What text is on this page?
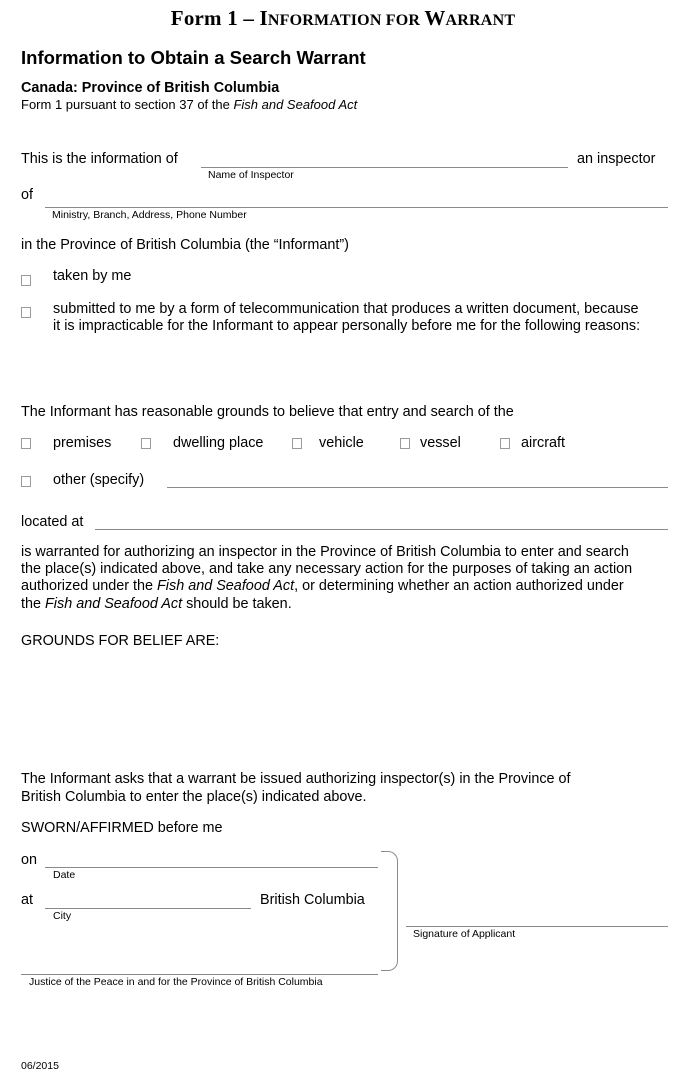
Form 1 – INFORMATION FOR WARRANT
Information to Obtain a Search Warrant
Canada: Province of British Columbia
Form 1 pursuant to section 37 of the Fish and Seafood Act
This is the information of
Name of Inspector
an inspector
of
Ministry, Branch, Address, Phone Number
in the Province of British Columbia (the “Informant”)
taken by me
submitted to me by a form of telecommunication that produces a written document, because
it is impracticable for the Informant to appear personally before me for the following reasons:
The Informant has reasonable grounds to believe that entry and search of the
premises	dwelling place	vehicle	vessel	aircraft
other (specify)
located at
is warranted for authorizing an inspector in the Province of British Columbia to enter and search
the place(s) indicated above, and take any necessary action for the purposes of taking an action
authorized under the Fish and Seafood Act, or determining whether an action authorized under
the Fish and Seafood Act should be taken.
GROUNDS FOR BELIEF ARE:
The Informant asks that a warrant be issued authorizing inspector(s) in the Province of
British Columbia to enter the place(s) indicated above.
SWORN/AFFIRMED before me
on
Date
at
City
British Columbia
Signature of Applicant
Justice of the Peace in and for the Province of British Columbia
06/2015
